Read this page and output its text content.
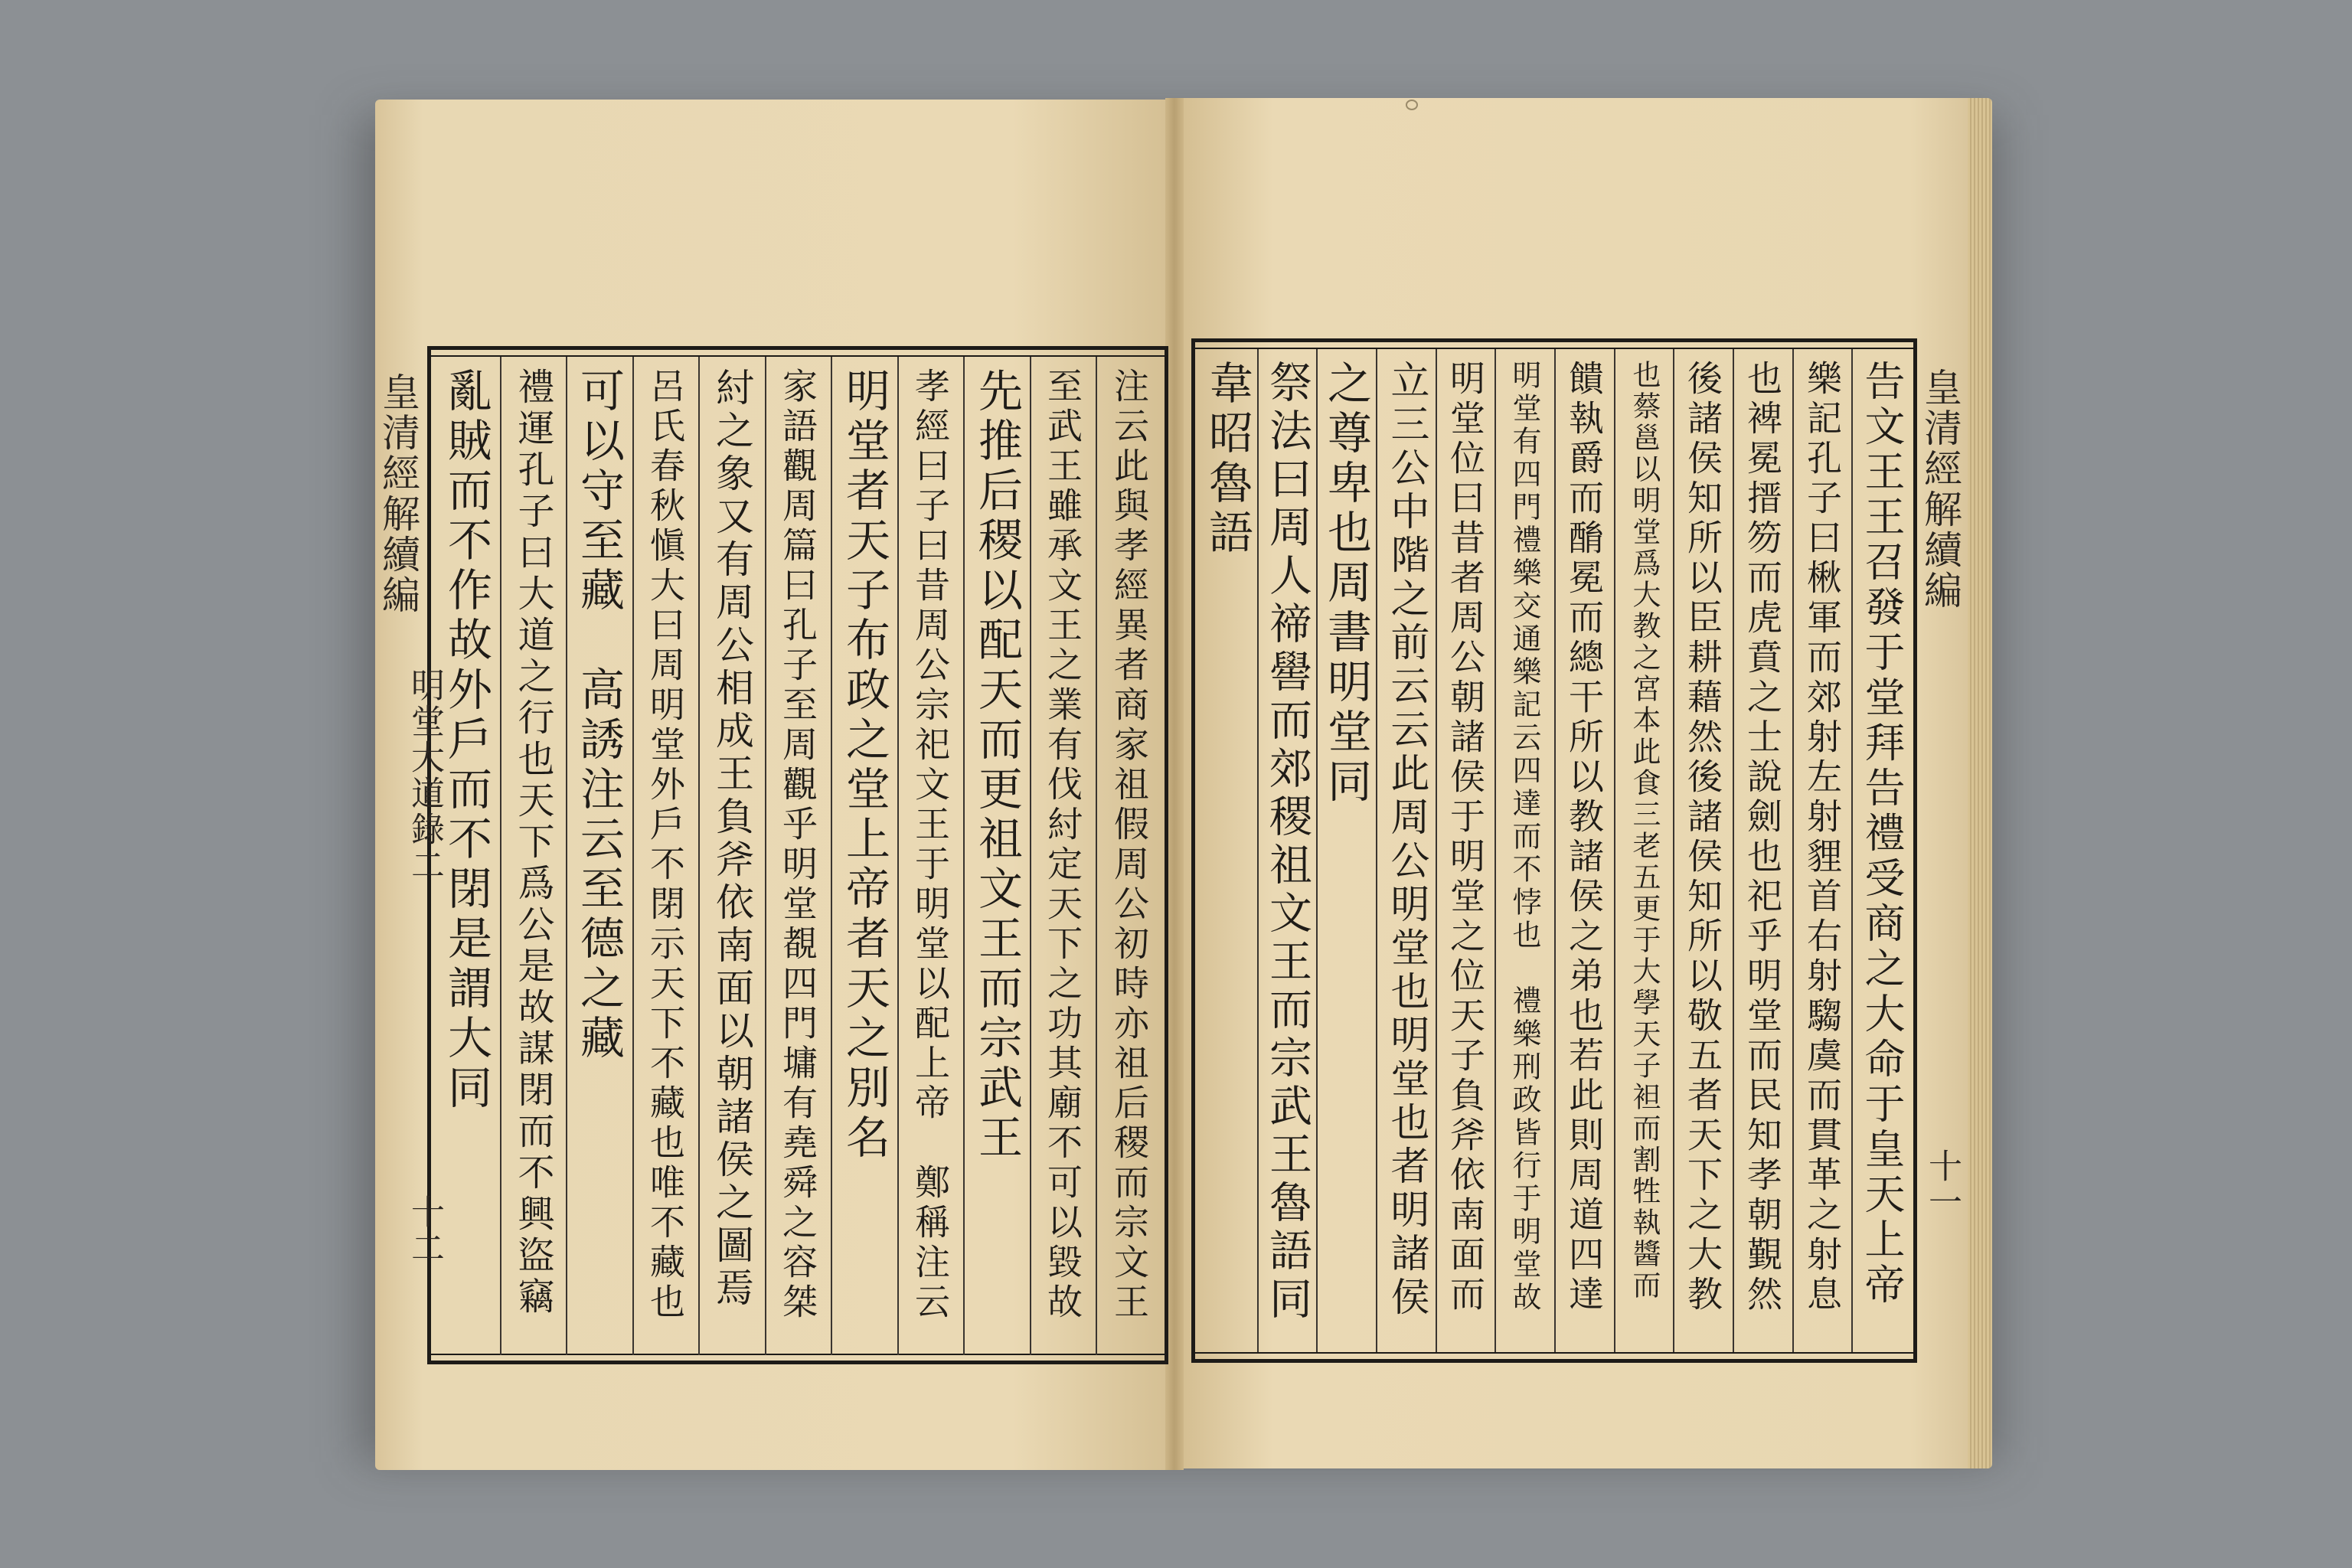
皇清經解續編
明堂大道錄二
十二	注云此與孝經異者商家祖假周公初時亦祖后稷而宗文王
至武王雖承文王之業有伐紂定天下之功其廟不可以毀故
先推后稷以配天而更祖文王而宗武王
孝經曰子曰昔周公宗祀文王于明堂以配上帝　鄭稱注云
明堂者天子布政之堂上帝者天之別名
家語觀周篇曰孔子至周觀乎明堂覩四門墉有堯舜之容桀
紂之象又有周公相成王負斧依南面以朝諸侯之圖焉
呂氏春秋愼大曰周明堂外戶不閉示天下不藏也唯不藏也
可以守至藏　高誘注云至德之藏
禮運孔子曰大道之行也天下爲公是故謀閉而不興盜竊
亂賊而不作故外戶而不閉是謂大同	皇清經解續編
十一
告文王王召發于堂拜告禮受商之大命于皇天上帝
樂記孔子曰楸軍而郊射左射貍首右射騶虞而貫革之射息
也裨冕搢笏而虎賁之士說劍也祀乎明堂而民知孝朝覲然
後諸侯知所以臣耕藉然後諸侯知所以敬五者天下之大教
也蔡邕以明堂爲大教之宮本此食三老五更于大學天子袒而割牲執醬而
饋執爵而酳冕而總干所以教諸侯之弟也若此則周道四達
明堂有四門禮樂交通樂記云四達而不悖也　禮樂刑政皆行于明堂故
明堂位曰昔者周公朝諸侯于明堂之位天子負斧依南面而
立三公中階之前云云此周公明堂也明堂也者明諸侯
之尊卑也周書明堂同
祭法曰周人禘嚳而郊稷祖文王而宗武王魯語同
韋昭魯語
